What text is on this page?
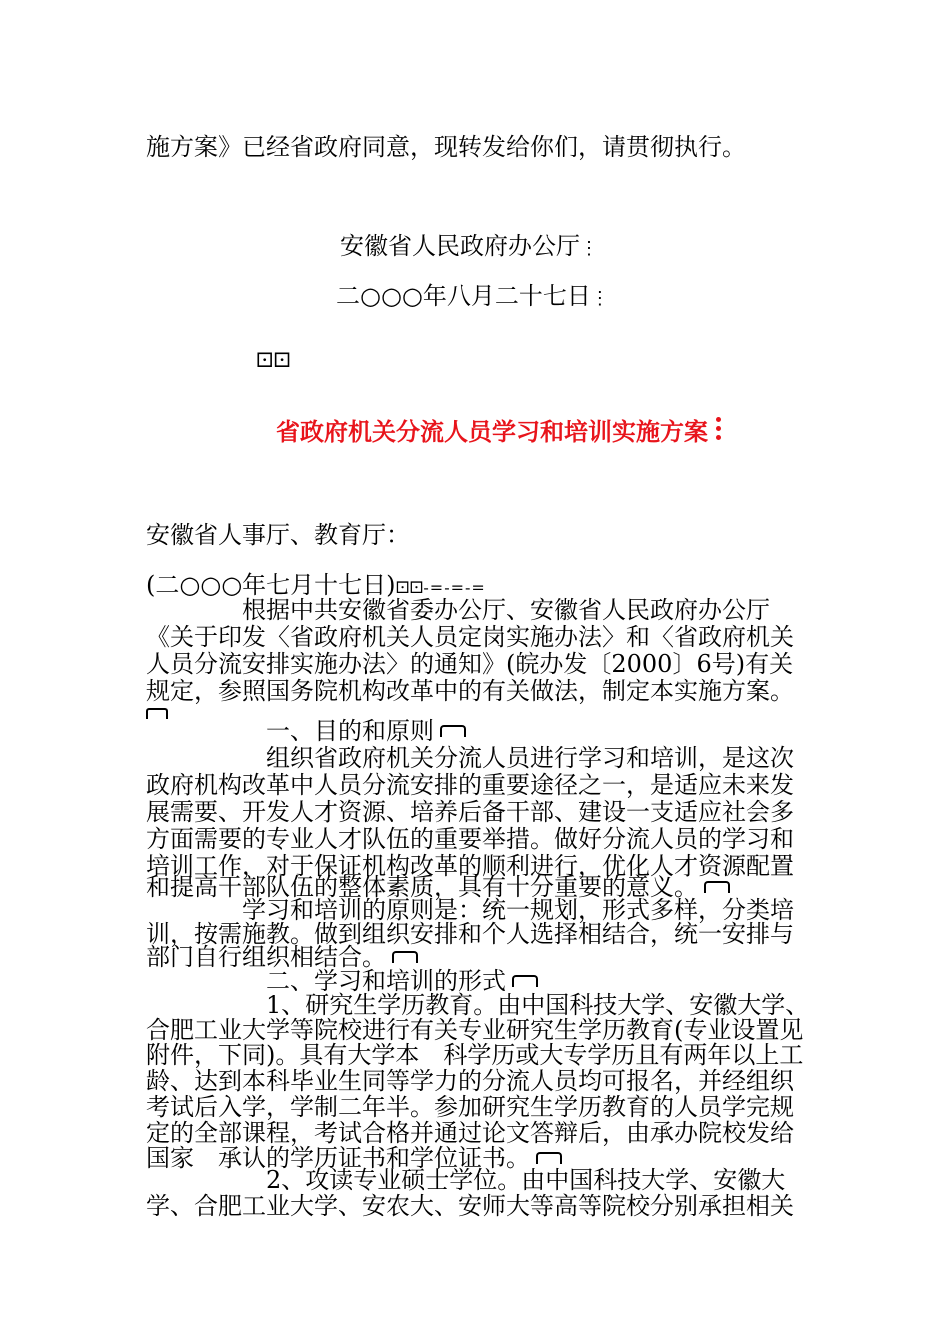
施方案》已经省政府同意，现转发给你们，请贯彻执行。
安徽省人民政府办公厅⋮
二○○○年八月二十七日⋮
⚀⚀
省政府机关分流人员学习和培训实施方案
安徽省人事厅、教育厅：
(二○○○年七月十七日)⚀⚀-=-=-=
　　　　根据中共安徽省委办公厅、安徽省人民政府办公厅
《关于印发〈省政府机关人员定岗实施办法〉和〈省政府机关
人员分流安排实施办法〉的通知》(皖办发〔2000〕6号)有关
规定，参照国务院机构改革中的有关做法，制定本实施方案。
　　　　　一、目的和原则
　　　　　组织省政府机关分流人员进行学习和培训，是这次
政府机构改革中人员分流安排的重要途径之一，是适应未来发
展需要、开发人才资源、培养后备干部、建设一支适应社会多
方面需要的专业人才队伍的重要举措。做好分流人员的学习和
培训工作，对于保证机构改革的顺利进行，优化人才资源配置
和提高干部队伍的整体素质，具有十分重要的意义。
　　　　学习和培训的原则是：统一规划，形式多样，分类培
训，按需施教。做到组织安排和个人选择相结合，统一安排与
部门自行组织相结合。
　　　　　二、学习和培训的形式
　　　　　1、研究生学历教育。由中国科技大学、安徽大学、
合肥工业大学等院校进行有关专业研究生学历教育(专业设置见
附件，下同)。具有大学本　科学历或大专学历且有两年以上工
龄、达到本科毕业生同等学力的分流人员均可报名，并经组织
考试后入学，学制二年半。参加研究生学历教育的人员学完规
定的全部课程，考试合格并通过论文答辩后，由承办院校发给
国家　承认的学历证书和学位证书。
　　　　　2、攻读专业硕士学位。由中国科技大学、安徽大
学、合肥工业大学、安农大、安师大等高等院校分别承担相关
